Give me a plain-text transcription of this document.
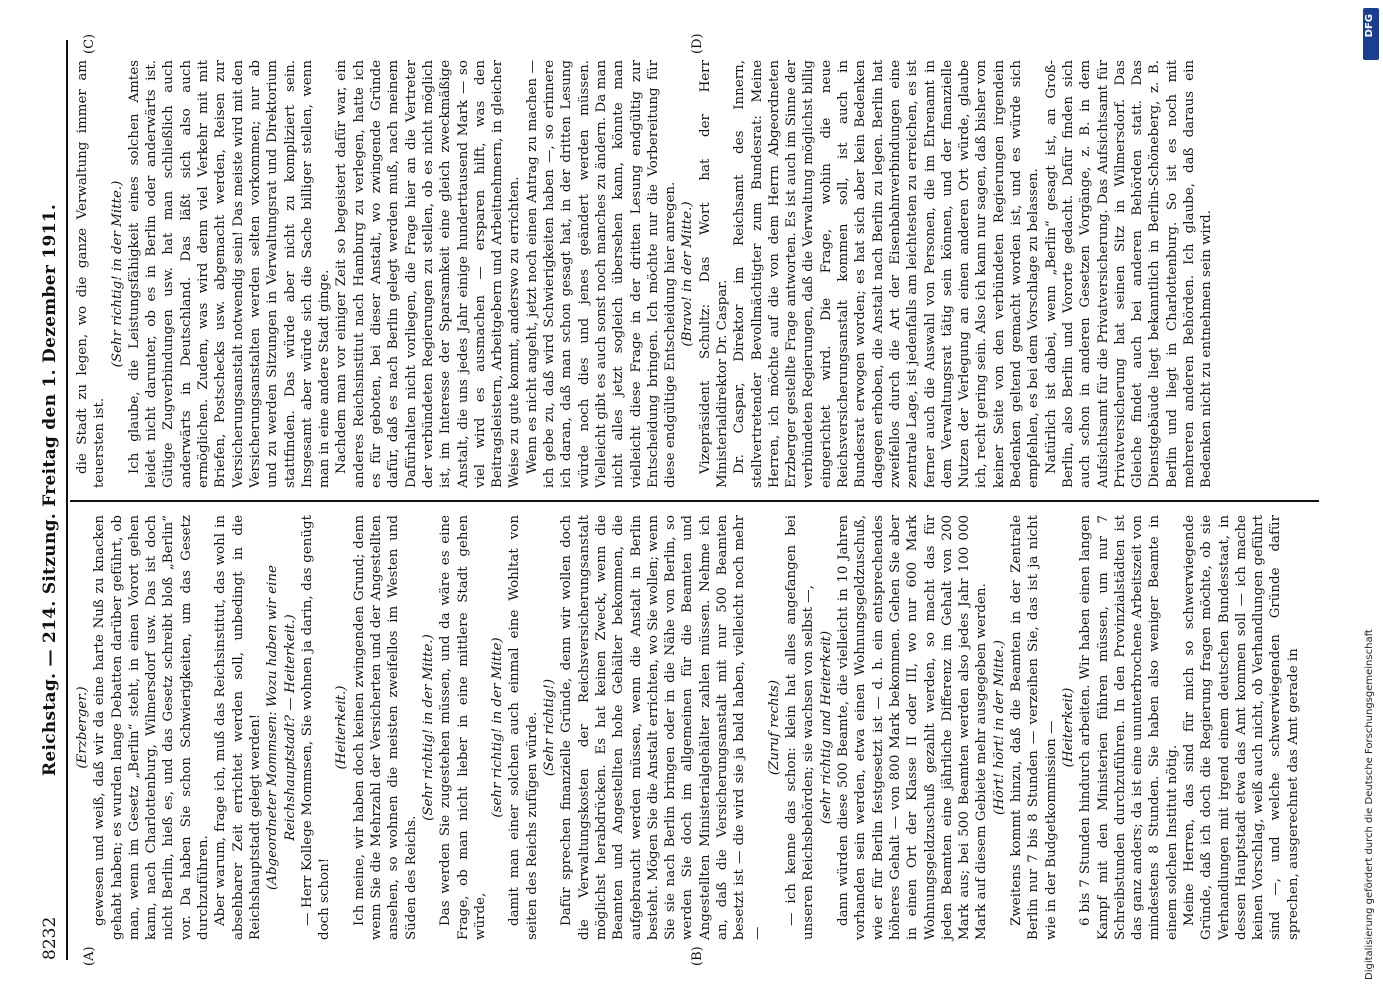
8232
Reichstag. — 214. Sitzung. Freitag den 1. Dezember 1911.
(A)	(B)
(C)	(D)

(Erzberger.) gewesen und weiß, daß wir da eine harte Nuß zu knacken gehabt haben; es wurden lange Debatten darüber geführt, ob man, wenn im Gesetz „Berlin“ steht, in einen Vorort gehen kann, nach Charlottenburg, Wilmersdorf usw. Das ist doch nicht Berlin, hieß es, und das Gesetz schreibt bloß „Berlin“ vor. Da haben Sie schon Schwierigkeiten, um das Gesetz durchzuführen. Aber warum, frage ich, muß das Reichsinstitut, das wohl in absehbarer Zeit errichtet werden soll, unbedingt in die Reichshauptstadt gelegt werden! (Abgeordneter Mommsen: Wozu haben wir eine Reichshauptstadt? — Heiterkeit.) — Herr Kollege Mommsen, Sie wohnen ja darin, das genügt doch schon!

(Heiterkeit.) Ich meine, wir haben doch keinen zwingenden Grund; denn wenn Sie die Mehrzahl der Versicherten und der Angestellten ansehen, so wohnen die meisten zweifellos im Westen und Süden des Reichs.

(Sehr richtig! in der Mitte.) Das werden Sie zugestehen müssen, und da wäre es eine Frage, ob man nicht lieber in eine mittlere Stadt gehen würde,

(sehr richtig! in der Mitte) damit man einer solchen auch einmal eine Wohltat von seiten des Reichs zufügen würde. (Sehr richtig!) Dafür sprechen finanzielle Gründe, denn wir wollen doch die Verwaltungskosten der Reichsversicherungsanstalt möglichst herabdrücken. Es hat keinen Zweck, wenn die Beamten und Angestellten hohe Gehälter bekommen, die aufgebraucht werden müssen, wenn die Anstalt in Berlin besteht. Mögen Sie die Anstalt errichten, wo Sie wollen; wenn Sie sie nach Berlin bringen oder in die Nähe von Berlin, so werden Sie doch im allgemeinen für die Beamten und Angestellten Ministerialgehälter zahlen müssen. Nehme ich an, daß die Versicherungsanstalt mit nur 500 Beamten besetzt ist — die wird sie ja bald haben, vielleicht noch mehr —

(Zuruf rechts) — ich kenne das schon: klein hat alles angefangen bei unseren Reichsbehörden; sie wachsen von selbst —, (sehr richtig und Heiterkeit) dann würden diese 500 Beamte, die vielleicht in 10 Jahren vorhanden sein werden, etwa einen Wohnungsgeldzuschuß, wie er für Berlin festgesetzt ist — d. h. ein entsprechendes höheres Gehalt — von 800 Mark bekommen. Gehen Sie aber in einen Ort der Klasse II oder III, wo nur 600 Mark Wohnungsgeldzuschuß gezahlt werden, so macht das für jeden Beamten eine jährliche Differenz im Gehalt von 200 Mark aus; bei 500 Beamten werden also jedes Jahr 100 000 Mark auf diesem Gebiete mehr ausgegeben werden. (Hört! hört! in der Mitte.) Zweitens kommt hinzu, daß die Beamten in der Zentrale Berlin nur 7 bis 8 Stunden — verzeihen Sie, das ist ja nicht wie in der Budgetkommission — (Heiterkeit) 6 bis 7 Stunden hindurch arbeiten. Wir haben einen langen Kampf mit den Ministerien führen müssen, um nur 7 Schreibstunden durchzuführen. In den Provinzialstädten ist das ganz anders; da ist eine ununterbrochene Arbeitszeit von mindestens 8 Stunden. Sie haben also weniger Beamte in einem solchen Institut nötig. Meine Herren, das sind für mich so schwerwiegende Gründe, daß ich doch die Regierung fragen möchte, ob sie Verhandlungen mit irgend einem deutschen Bundesstaat, in dessen Hauptstadt etwa das Amt kommen soll — ich mache keinen Vorschlag, weiß auch nicht, ob Verhandlungen geführt sind —, und welche schwerwiegenden Gründe dafür sprechen, ausgerechnet das Amt gerade in

die Stadt zu legen, wo die ganze Verwaltung immer am teuersten ist.

(Sehr richtig! in der Mitte.) Ich glaube, die Leistungsfähigkeit eines solchen Amtes leidet nicht darunter, ob es in Berlin oder anderwärts ist. Gütige Zugverbindungen usw. hat man schließlich auch anderwärts in Deutschland. Das läßt sich also auch ermöglichen. Zudem, was wird denn viel Verkehr mit mit Briefen, Postschecks usw. abgemacht werden, Reisen zur Versicherungsanstalt notwendig sein! Das meiste wird mit den Versicherungsanstalten werden selten vorkommen; nur ab und zu werden Sitzungen in Verwaltungsrat und Direktorium stattfinden. Das würde aber nicht zu kompliziert sein. Insgesamt aber würde sich die Sache billiger stellen, wenn man in eine andere Stadt ginge. Nachdem man vor einiger Zeit so begeistert dafür war, ein anderes Reichsinstitut nach Hamburg zu verlegen, hatte ich es für geboten, bei dieser Anstalt, wo zwingende Gründe dafür, daß es nach Berlin gelegt werden muß, nach meinem Dafürhalten nicht vorliegen, die Frage hier an die Vertreter der verbündeten Regierungen zu stellen, ob es nicht möglich ist, im Interesse der Sparsamkeit eine gleich zweckmäßige Anstalt, die uns jedes Jahr einige hunderttausend Mark — so viel wird es ausmachen — ersparen hilft, was den Beitragsleistern, Arbeitgebern und Arbeitnehmern, in gleicher Weise zu gute kommt, anderswo zu errichten. Wenn es nicht angeht, jetzt noch einen Antrag zu machen — ich gebe zu, daß wird Schwierigkeiten haben —, so erinnere ich daran, daß man schon gesagt hat, in der dritten Lesung würde noch dies und jenes geändert werden müssen. Vielleicht gibt es auch sonst noch manches zu ändern. Da man nicht alles jetzt sogleich übersehen kann, könnte man vielleicht diese Frage in der dritten Lesung endgültig zur Entscheidung bringen. Ich möchte nur die Vorbereitung für diese endgültige Entscheidung hier anregen. (Bravo! in der Mitte.) Vizepräsident Schultz: Das Wort hat der Herr Ministerialdirektor Dr. Caspar. Dr. Caspar, Direktor im Reichsamt des Innern, stellvertretender Bevollmächtigter zum Bundesrat: Meine Herren, ich möchte auf die von dem Herrn Abgeordneten Erzberger gestellte Frage antworten. Es ist auch im Sinne der verbündeten Regierungen, daß die Verwaltung möglichst billig eingerichtet wird. Die Frage, wohin die neue Reichsversicherungsanstalt kommen soll, ist auch in Bundesrat erwogen worden; es hat sich aber kein Bedenken dagegen erhoben, die Anstalt nach Berlin zu legen. Berlin hat zweifellos durch die Art der Eisenbahnverbindungen eine zentrale Lage, ist jedenfalls am leichtesten zu erreichen, es ist ferner auch die Auswahl von Personen, die im Ehrenamt in dem Verwaltungsrat tätig sein können, und der finanzielle Nutzen der Verlegung an einen anderen Ort würde, glaube ich, recht gering sein. Also ich kann nur sagen, daß bisher von keiner Seite von den verbündeten Regierungen irgendein Bedenken geltend gemacht worden ist, und es würde sich empfehlen, es bei dem Vorschlage zu belassen. Natürlich ist dabei, wenn „Berlin“ gesagt ist, an Groß-Berlin, also Berlin und Vororte gedacht. Dafür finden sich auch schon in anderen Gesetzen Vorgänge, z. B. in dem Aufsichtsamt für die Privatversicherung. Das Aufsichtsamt für Privatversicherung hat seinen Sitz in Wilmersdorf. Das Gleiche findet auch bei anderen Behörden statt. Das Dienstgebäude liegt bekanntlich in Berlin-Schöneberg, z. B. Berlin und liegt in Charlottenburg. So ist es noch mit mehreren anderen Behörden. Ich glaube, daß daraus ein Bedenken nicht zu entnehmen sein wird.

DFG
Digitalisierung gefördert durch die Deutsche Forschungsgemeinschaft
